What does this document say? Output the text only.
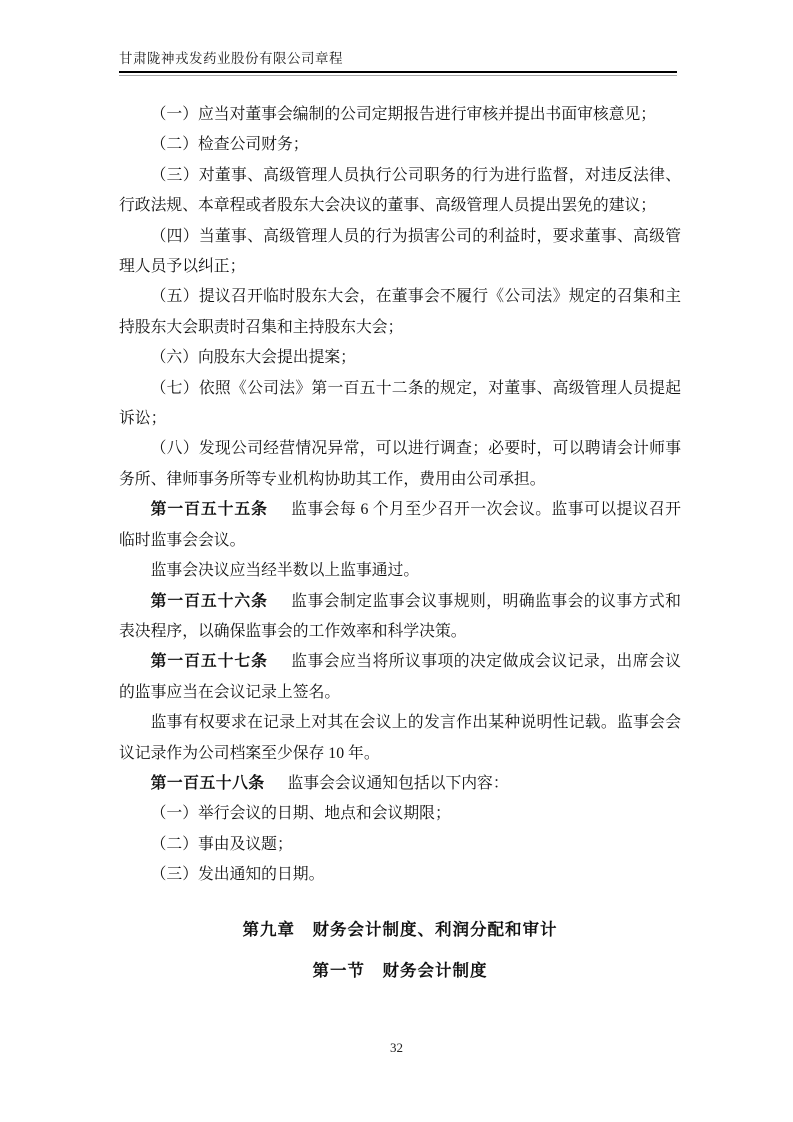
甘肃陇神戎发药业股份有限公司章程

（一）应当对董事会编制的公司定期报告进行审核并提出书面审核意见；

（二）检查公司财务；

（三）对董事、高级管理人员执行公司职务的行为进行监督，对违反法律、行政法规、本章程或者股东大会决议的董事、高级管理人员提出罢免的建议；

（四）当董事、高级管理人员的行为损害公司的利益时，要求董事、高级管理人员予以纠正；

（五）提议召开临时股东大会，在董事会不履行《公司法》规定的召集和主持股东大会职责时召集和主持股东大会；

（六）向股东大会提出提案；

（七）依照《公司法》第一百五十二条的规定，对董事、高级管理人员提起诉讼；

（八）发现公司经营情况异常，可以进行调查；必要时，可以聘请会计师事务所、律师事务所等专业机构协助其工作，费用由公司承担。

第一百五十五条　监事会每 6 个月至少召开一次会议。监事可以提议召开临时监事会会议。

监事会决议应当经半数以上监事通过。

第一百五十六条　监事会制定监事会议事规则，明确监事会的议事方式和表决程序，以确保监事会的工作效率和科学决策。

第一百五十七条　监事会应当将所议事项的决定做成会议记录，出席会议的监事应当在会议记录上签名。

监事有权要求在记录上对其在会议上的发言作出某种说明性记载。监事会会议记录作为公司档案至少保存 10 年。

第一百五十八条　监事会会议通知包括以下内容：

（一）举行会议的日期、地点和会议期限；

（二）事由及议题；

（三）发出通知的日期。

第九章　财务会计制度、利润分配和审计

第一节　财务会计制度

32
